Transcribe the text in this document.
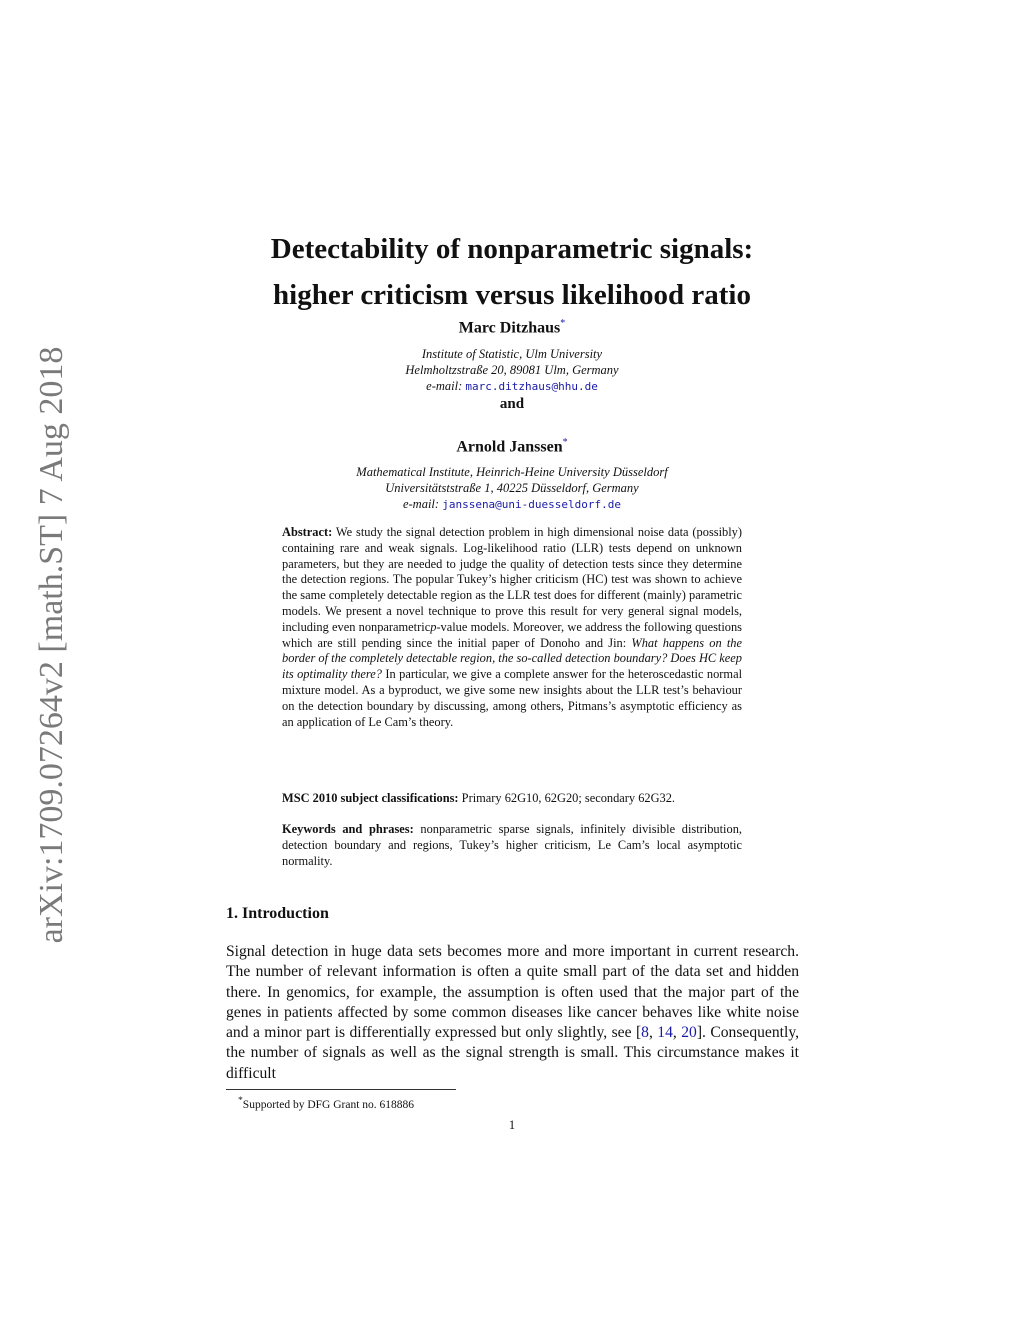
arXiv:1709.07264v2 [math.ST] 7 Aug 2018
Detectability of nonparametric signals:
higher criticism versus likelihood ratio
Marc Ditzhaus*
Institute of Statistic, Ulm University
Helmholtzstraße 20, 89081 Ulm, Germany
e-mail: marc.ditzhaus@hhu.de
and
Arnold Janssen*
Mathematical Institute, Heinrich-Heine University Düsseldorf
Universitätststraße 1, 40225 Düsseldorf, Germany
e-mail: janssena@uni-duesseldorf.de
Abstract: We study the signal detection problem in high dimensional noise data (possibly) containing rare and weak signals. Log-likelihood ratio (LLR) tests depend on unknown parameters, but they are needed to judge the quality of detection tests since they determine the detection regions. The popular Tukey’s higher criticism (HC) test was shown to achieve the same completely detectable region as the LLR test does for different (mainly) parametric models. We present a novel technique to prove this result for very general signal models, including even nonparametricp-value models. Moreover, we address the following questions which are still pending since the initial paper of Donoho and Jin: What happens on the border of the completely detectable region, the so-called detection boundary? Does HC keep its optimality there? In particular, we give a complete answer for the heteroscedastic normal mixture model. As a byproduct, we give some new insights about the LLR test’s behaviour on the detection boundary by discussing, among others, Pitmans’s asymptotic efficiency as an application of Le Cam’s theory.
MSC 2010 subject classifications: Primary 62G10, 62G20; secondary 62G32.
Keywords and phrases: nonparametric sparse signals, infinitely divisible distribution, detection boundary and regions, Tukey’s higher criticism, Le Cam’s local asymptotic normality.
1. Introduction
Signal detection in huge data sets becomes more and more important in current research. The number of relevant information is often a quite small part of the data set and hidden there. In genomics, for example, the assumption is often used that the major part of the genes in patients affected by some common diseases like cancer behaves like white noise and a minor part is differentially expressed but only slightly, see [8, 14, 20]. Consequently, the number of signals as well as the signal strength is small. This circumstance makes it difficult
*Supported by DFG Grant no. 618886
1
